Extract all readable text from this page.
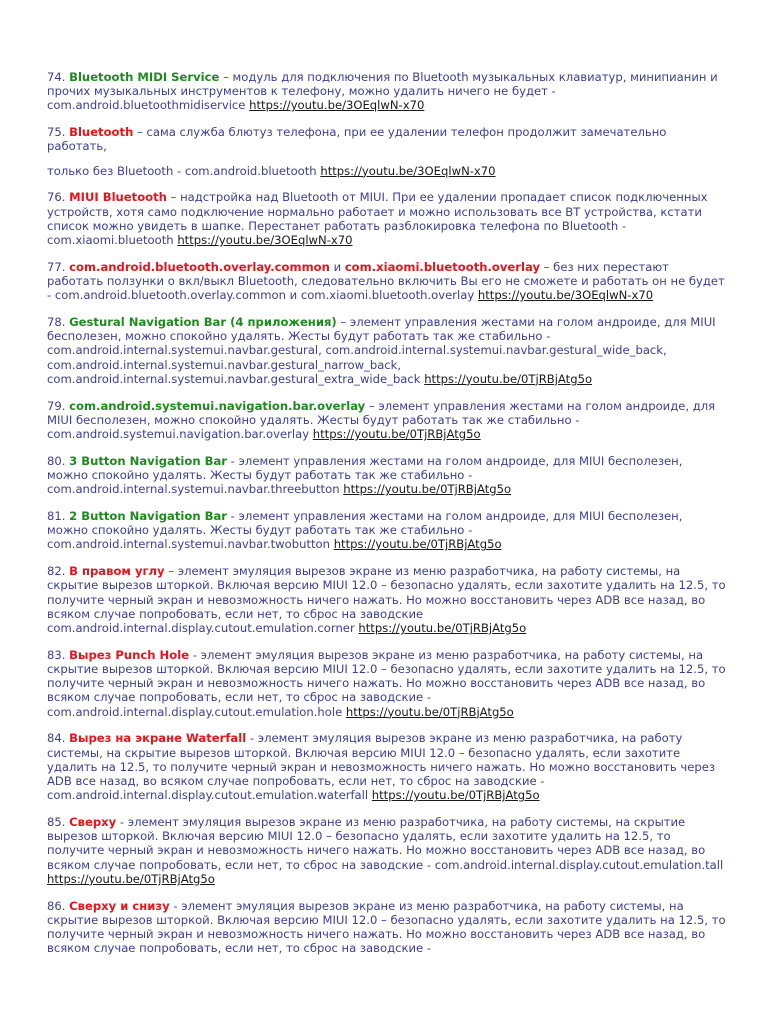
74. Bluetooth MIDI Service – модуль для подключения по Bluetooth музыкальных клавиатур, минипианин и прочих музыкальных инструментов к телефону, можно удалить ничего не будет - com.android.bluetoothmidiservice https://youtu.be/3OEqlwN-x70

75. Bluetooth – сама служба блютуз телефона, при ее удалении телефон продолжит замечательно работать,
только без Bluetooth - com.android.bluetooth https://youtu.be/3OEqlwN-x70

76. MIUI Bluetooth – надстройка над Bluetooth от MIUI. При ее удалении пропадает список подключенных устройств, хотя само подключение нормально работает и можно использовать все BT устройства, кстати список можно увидеть в шапке. Перестанет работать разблокировка телефона по Bluetooth - com.xiaomi.bluetooth https://youtu.be/3OEqlwN-x70

77. com.android.bluetooth.overlay.common и com.xiaomi.bluetooth.overlay – без них перестают работать ползунки о вкл/выкл Bluetooth, следовательно включить Вы его не сможете и работать он не будет - com.android.bluetooth.overlay.common и com.xiaomi.bluetooth.overlay https://youtu.be/3OEqlwN-x70

78. Gestural Navigation Bar (4 приложения) – элемент управления жестами на голом андроиде, для MIUI бесполезен, можно спокойно удалять. Жесты будут работать так же стабильно - com.android.internal.systemui.navbar.gestural, com.android.internal.systemui.navbar.gestural_wide_back, com.android.internal.systemui.navbar.gestural_narrow_back, com.android.internal.systemui.navbar.gestural_extra_wide_back https://youtu.be/0TjRBjAtg5o

79. com.android.systemui.navigation.bar.overlay – элемент управления жестами на голом андроиде, для MIUI бесполезен, можно спокойно удалять. Жесты будут работать так же стабильно - com.android.systemui.navigation.bar.overlay https://youtu.be/0TjRBjAtg5o

80. 3 Button Navigation Bar - элемент управления жестами на голом андроиде, для MIUI бесполезен, можно спокойно удалять. Жесты будут работать так же стабильно - com.android.internal.systemui.navbar.threebutton https://youtu.be/0TjRBjAtg5o

81. 2 Button Navigation Bar - элемент управления жестами на голом андроиде, для MIUI бесполезен, можно спокойно удалять. Жесты будут работать так же стабильно - com.android.internal.systemui.navbar.twobutton https://youtu.be/0TjRBjAtg5o

82. В правом углу – элемент эмуляция вырезов экране из меню разработчика, на работу системы, на скрытие вырезов шторкой. Включая версию MIUI 12.0 – безопасно удалять, если захотите удалить на 12.5, то получите черный экран и невозможность ничего нажать. Но можно восстановить через ADB все назад, во всяком случае попробовать, если нет, то сброс на заводские com.android.internal.display.cutout.emulation.corner https://youtu.be/0TjRBjAtg5o

83. Вырез Punch Hole - элемент эмуляция вырезов экране из меню разработчика, на работу системы, на скрытие вырезов шторкой. Включая версию MIUI 12.0 – безопасно удалять, если захотите удалить на 12.5, то получите черный экран и невозможность ничего нажать. Но можно восстановить через ADB все назад, во всяком случае попробовать, если нет, то сброс на заводские - com.android.internal.display.cutout.emulation.hole https://youtu.be/0TjRBjAtg5o

84. Вырез на экране Waterfall - элемент эмуляция вырезов экране из меню разработчика, на работу системы, на скрытие вырезов шторкой. Включая версию MIUI 12.0 – безопасно удалять, если захотите удалить на 12.5, то получите черный экран и невозможность ничего нажать. Но можно восстановить через ADB все назад, во всяком случае попробовать, если нет, то сброс на заводские - com.android.internal.display.cutout.emulation.waterfall https://youtu.be/0TjRBjAtg5o

85. Сверху - элемент эмуляция вырезов экране из меню разработчика, на работу системы, на скрытие вырезов шторкой. Включая версию MIUI 12.0 – безопасно удалять, если захотите удалить на 12.5, то получите черный экран и невозможность ничего нажать. Но можно восстановить через ADB все назад, во всяком случае попробовать, если нет, то сброс на заводские - com.android.internal.display.cutout.emulation.tall https://youtu.be/0TjRBjAtg5o

86. Сверху и снизу - элемент эмуляция вырезов экране из меню разработчика, на работу системы, на скрытие вырезов шторкой. Включая версию MIUI 12.0 – безопасно удалять, если захотите удалить на 12.5, то получите черный экран и невозможность ничего нажать. Но можно восстановить через ADB все назад, во всяком случае попробовать, если нет, то сброс на заводские -
